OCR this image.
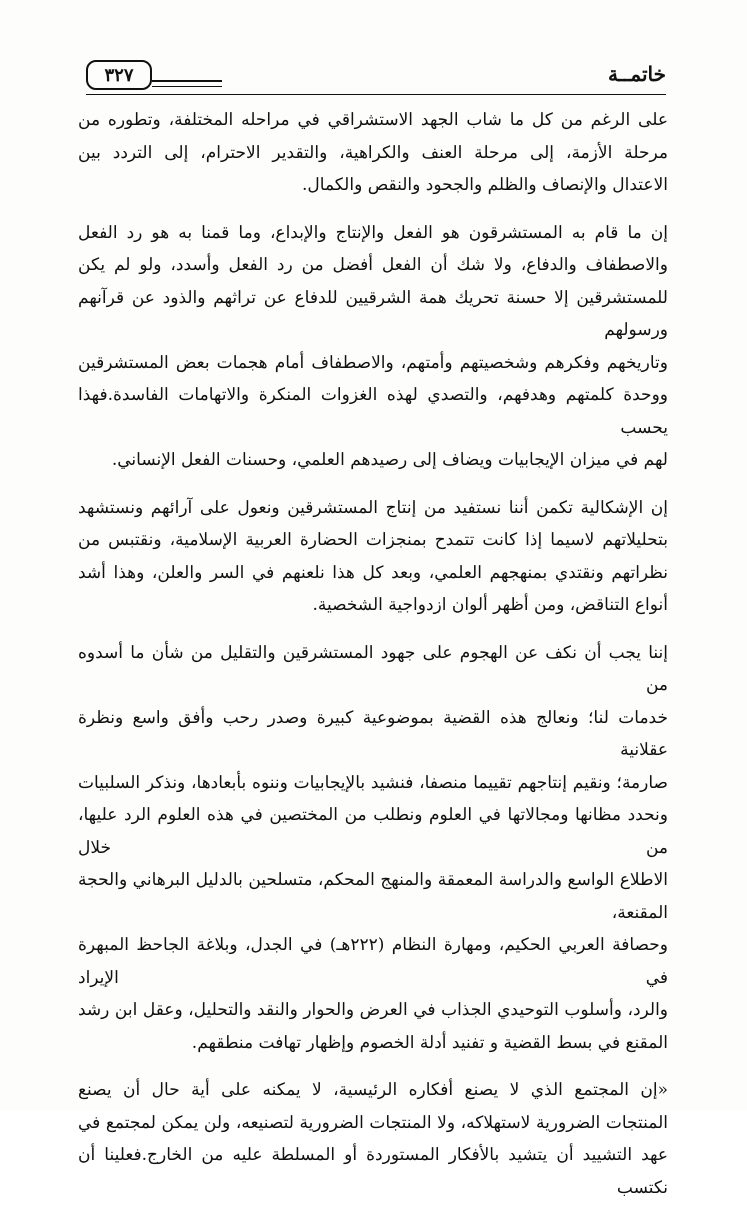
٣٢٧	خاتمــة

على الرغم من كل ما شاب الجهد الاستشراقي في مراحله المختلفة، وتطوره من
مرحلة الأزمة، إلى مرحلة العنف والكراهية، والتقدير الاحترام، إلى التردد بين
الاعتدال والإنصاف والظلم والجحود والنقص والكمال.

إن ما قام به المستشرقون هو الفعل والإنتاج والإبداع، وما قمنا به هو رد الفعل
والاصطفاف والدفاع، ولا شك أن الفعل أفضل من رد الفعل وأسدد، ولو لم يكن
للمستشرقين إلا حسنة تحريك همة الشرقيين للدفاع عن تراثهم والذود عن قرآنهم ورسولهم
وتاريخهم وفكرهم وشخصيتهم وأمتهم، والاصطفاف أمام هجمات بعض المستشرقين
ووحدة كلمتهم وهدفهم، والتصدي لهذه الغزوات المنكرة والاتهامات الفاسدة.فهذا يحسب
لهم في ميزان الإيجابيات ويضاف إلى رصيدهم العلمي، وحسنات الفعل الإنساني.

إن الإشكالية تكمن أننا نستفيد من إنتاج المستشرقين ونعول على آرائهم ونستشهد
بتحليلاتهم لاسيما إذا كانت تتمدح بمنجزات الحضارة العربية الإسلامية، ونقتبس من
نظراتهم ونقتدي بمنهجهم العلمي، وبعد كل هذا نلعنهم في السر والعلن، وهذا أشد
أنواع التناقض، ومن أظهر ألوان ازدواجية الشخصية.

إننا يجب أن نكف عن الهجوم على جهود المستشرقين والتقليل من شأن ما أسدوه من
خدمات لنا؛ ونعالج هذه القضية بموضوعية كبيرة وصدر رحب وأفق واسع ونظرة عقلانية
صارمة؛ ونقيم إنتاجهم تقييما منصفا، فنشيد بالإيجابيات وننوه بأبعادها، ونذكر السلبيات
ونحدد مظانها ومجالاتها في العلوم ونطلب من المختصين في هذه العلوم الرد عليها، من خلال
الاطلاع الواسع والدراسة المعمقة والمنهج المحكم، متسلحين بالدليل البرهاني والحجة المقنعة،
وحصافة العربي الحكيم، ومهارة النظام (٢٢٢هـ) في الجدل، وبلاغة الجاحظ المبهرة في الإيراد
والرد، وأسلوب التوحيدي الجذاب في العرض والحوار والنقد والتحليل، وعقل ابن رشد
المقنع في بسط القضية و تفنيد أدلة الخصوم وإظهار تهافت منطقهم.

«إن المجتمع الذي لا يصنع أفكاره الرئيسية، لا يمكنه على أية حال أن يصنع
المنتجات الضرورية لاستهلاكه، ولا المنتجات الضرورية لتصنيعه، ولن يمكن لمجتمع في
عهد التشييد أن يتشيد بالأفكار المستوردة أو المسلطة عليه من الخارج.فعلينا أن نكتسب
